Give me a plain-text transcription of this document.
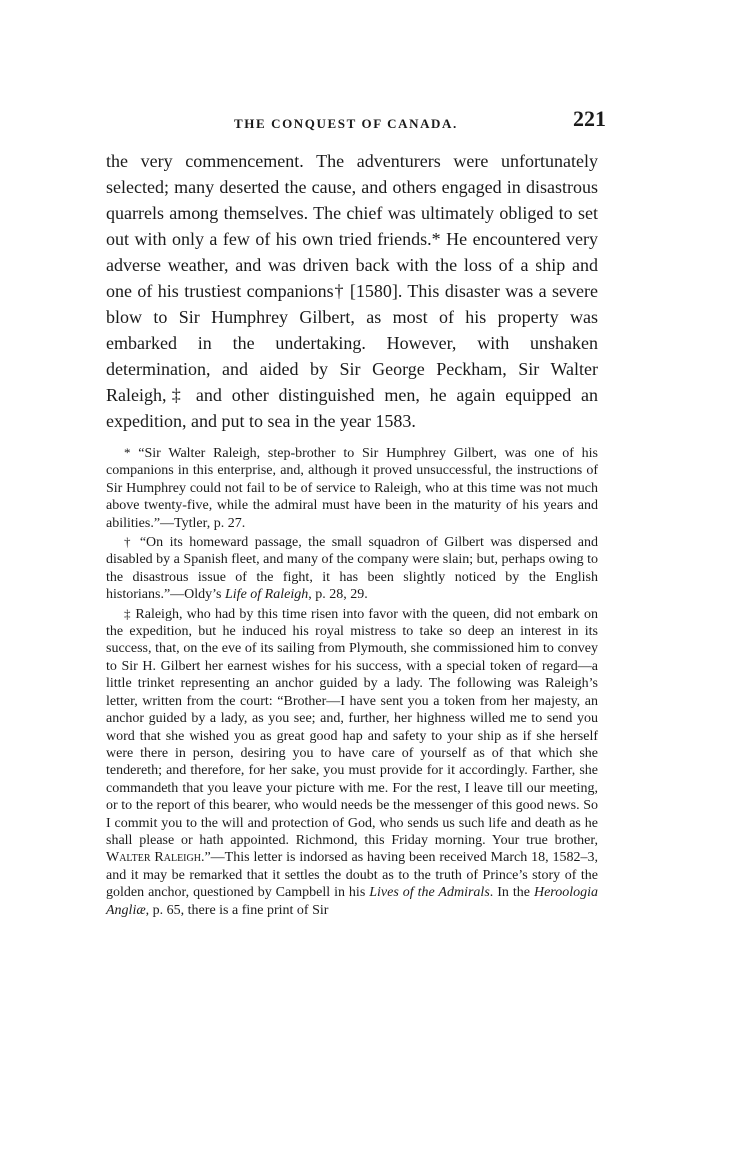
THE CONQUEST OF CANADA.	221

the very commencement. The adventurers were unfortunately selected; many deserted the cause, and others engaged in disastrous quarrels among themselves. The chief was ultimately obliged to set out with only a few of his own tried friends.* He encountered very adverse weather, and was driven back with the loss of a ship and one of his trustiest companions† [1580]. This disaster was a severe blow to Sir Humphrey Gilbert, as most of his property was embarked in the undertaking. However, with unshaken determination, and aided by Sir George Peckham, Sir Walter Raleigh,‡ and other distinguished men, he again equipped an expedition, and put to sea in the year 1583.

* “Sir Walter Raleigh, step-brother to Sir Humphrey Gilbert, was one of his companions in this enterprise, and, although it proved unsuccessful, the instructions of Sir Humphrey could not fail to be of service to Raleigh, who at this time was not much above twenty-five, while the admiral must have been in the maturity of his years and abilities.”—Tytler, p. 27.

† “On its homeward passage, the small squadron of Gilbert was dispersed and disabled by a Spanish fleet, and many of the company were slain; but, perhaps owing to the disastrous issue of the fight, it has been slightly noticed by the English historians.”—Oldy’s Life of Raleigh, p. 28, 29.

‡ Raleigh, who had by this time risen into favor with the queen, did not embark on the expedition, but he induced his royal mistress to take so deep an interest in its success, that, on the eve of its sailing from Plymouth, she commissioned him to convey to Sir H. Gilbert her earnest wishes for his success, with a special token of regard—a little trinket representing an anchor guided by a lady. The following was Raleigh’s letter, written from the court: “Brother—I have sent you a token from her majesty, an anchor guided by a lady, as you see; and, further, her highness willed me to send you word that she wished you as great good hap and safety to your ship as if she herself were there in person, desiring you to have care of yourself as of that which she tendereth; and therefore, for her sake, you must provide for it accordingly. Farther, she commandeth that you leave your picture with me. For the rest, I leave till our meeting, or to the report of this bearer, who would needs be the messenger of this good news. So I commit you to the will and protection of God, who sends us such life and death as he shall please or hath appointed. Richmond, this Friday morning. Your true brother, Walter Raleigh.”—This letter is indorsed as having been received March 18, 1582–3, and it may be remarked that it settles the doubt as to the truth of Prince’s story of the golden anchor, questioned by Campbell in his Lives of the Admirals. In the Heroologia Angliæ, p. 65, there is a fine print of Sir
